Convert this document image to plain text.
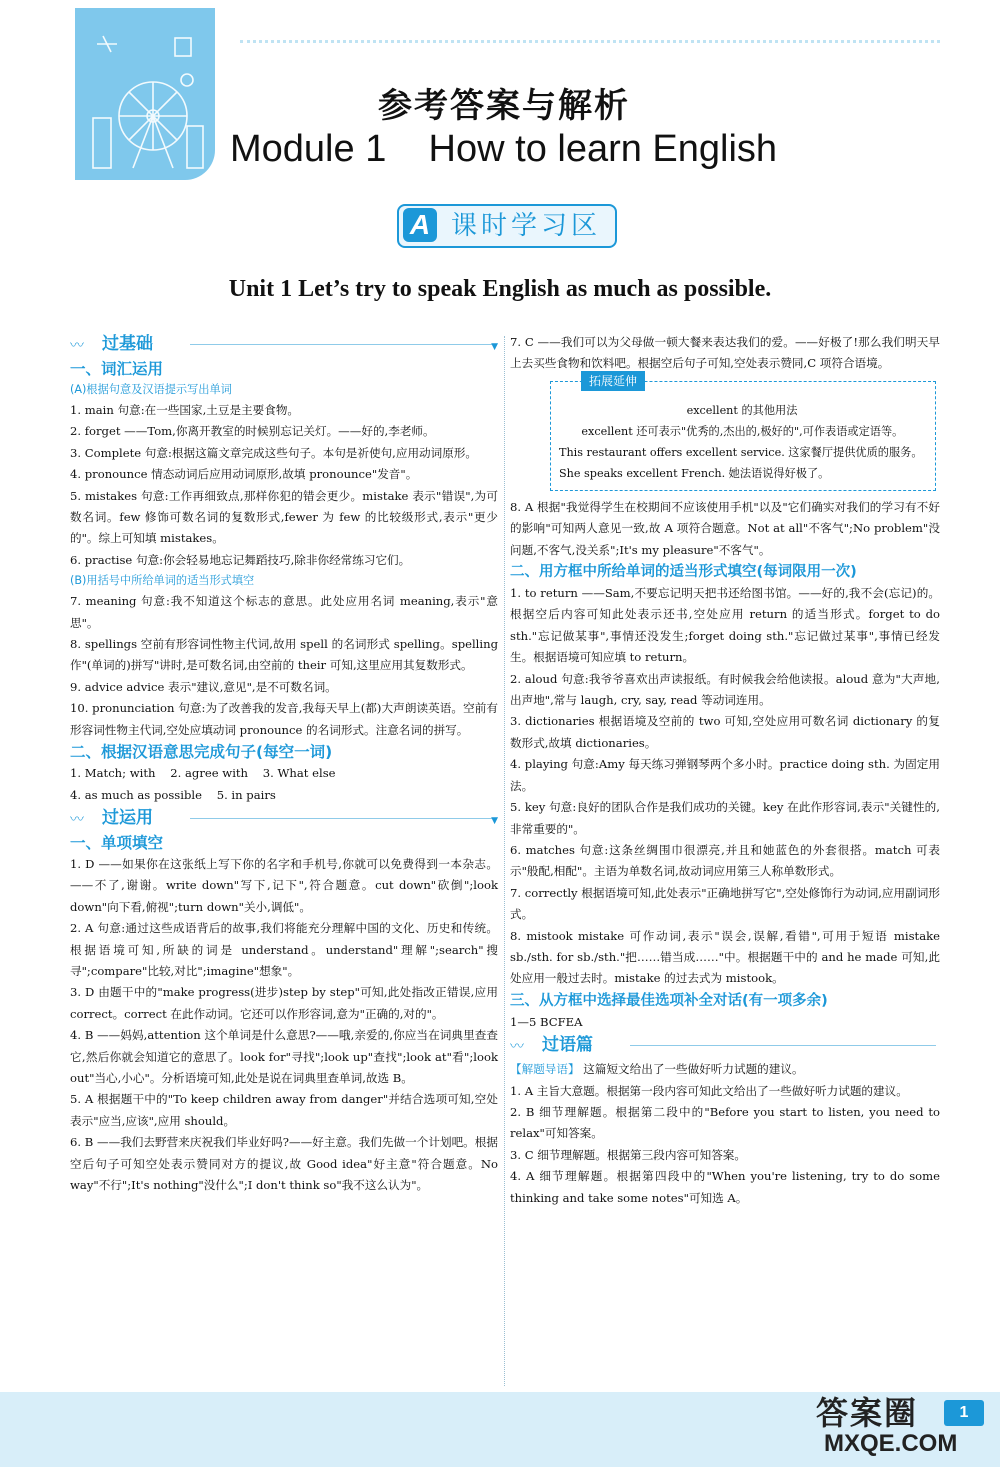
参考答案与解析
Module 1    How to learn English
A 课时学习区
Unit 1 Let’s try to speak English as much as possible.
〰 过基础	▼
一、词汇运用
(A)根据句意及汉语提示写出单词
1. main 句意:在一些国家,土豆是主要食物。
2. forget ——Tom,你离开教室的时候别忘记关灯。——好的,李老师。
3. Complete 句意:根据这篇文章完成这些句子。本句是祈使句,应用动词原形。
4. pronounce 情态动词后应用动词原形,故填 pronounce"发音"。
5. mistakes 句意:工作再细致点,那样你犯的错会更少。mistake 表示"错误",为可数名词。few 修饰可数名词的复数形式,fewer 为 few 的比较级形式,表示"更少的"。综上可知填 mistakes。
6. practise 句意:你会轻易地忘记舞蹈技巧,除非你经常练习它们。
(B)用括号中所给单词的适当形式填空
7. meaning 句意:我不知道这个标志的意思。此处应用名词 meaning,表示"意思"。
8. spellings 空前有形容词性物主代词,故用 spell 的名词形式 spelling。spelling 作"(单词的)拼写"讲时,是可数名词,由空前的 their 可知,这里应用其复数形式。
9. advice advice 表示"建议,意见",是不可数名词。
10. pronunciation 句意:为了改善我的发音,我每天早上(都)大声朗读英语。空前有形容词性物主代词,空处应填动词 pronounce 的名词形式。注意名词的拼写。
二、根据汉语意思完成句子(每空一词)
1. Match; with    2. agree with    3. What else
4. as much as possible    5. in pairs
〰 过运用	▼
一、单项填空
1. D ——如果你在这张纸上写下你的名字和手机号,你就可以免费得到一本杂志。——不了,谢谢。write down"写下,记下",符合题意。cut down"砍倒";look down"向下看,俯视";turn down"关小,调低"。
2. A 句意:通过这些成语背后的故事,我们将能充分理解中国的文化、历史和传统。根据语境可知,所缺的词是 understand。understand"理解";search"搜寻";compare"比较,对比";imagine"想象"。
3. D 由题干中的"make progress(进步)step by step"可知,此处指改正错误,应用 correct。correct 在此作动词。它还可以作形容词,意为"正确的,对的"。
4. B ——妈妈,attention 这个单词是什么意思?——哦,亲爱的,你应当在词典里查查它,然后你就会知道它的意思了。look for"寻找";look up"查找";look at"看";look out"当心,小心"。分析语境可知,此处是说在词典里查单词,故选 B。
5. A 根据题干中的"To keep children away from danger"并结合选项可知,空处表示"应当,应该",应用 should。
6. B ——我们去野营来庆祝我们毕业好吗?——好主意。我们先做一个计划吧。根据空后句子可知空处表示赞同对方的提议,故 Good idea"好主意"符合题意。No way"不行";It's nothing"没什么";I don't think so"我不这么认为"。
7. C ——我们可以为父母做一顿大餐来表达我们的爱。——好极了!那么我们明天早上去买些食物和饮料吧。根据空后句子可知,空处表示赞同,C 项符合语境。
拓展延伸
excellent 的其他用法
excellent 还可表示"优秀的,杰出的,极好的",可作表语或定语等。
This restaurant offers excellent service. 这家餐厅提供优质的服务。
She speaks excellent French. 她法语说得好极了。
8. A 根据"我觉得学生在校期间不应该使用手机"以及"它们确实对我们的学习有不好的影响"可知两人意见一致,故 A 项符合题意。Not at all"不客气";No problem"没问题,不客气,没关系";It's my pleasure"不客气"。
二、用方框中所给单词的适当形式填空(每词限用一次)
1. to return ——Sam,不要忘记明天把书还给图书馆。——好的,我不会(忘记)的。根据空后内容可知此处表示还书,空处应用 return 的适当形式。forget to do sth."忘记做某事",事情还没发生;forget doing sth."忘记做过某事",事情已经发生。根据语境可知应填 to return。
2. aloud 句意:我爷爷喜欢出声读报纸。有时候我会给他读报。aloud 意为"大声地,出声地",常与 laugh, cry, say, read 等动词连用。
3. dictionaries 根据语境及空前的 two 可知,空处应用可数名词 dictionary 的复数形式,故填 dictionaries。
4. playing 句意:Amy 每天练习弹钢琴两个多小时。practice doing sth. 为固定用法。
5. key 句意:良好的团队合作是我们成功的关键。key 在此作形容词,表示"关键性的,非常重要的"。
6. matches 句意:这条丝绸围巾很漂亮,并且和她蓝色的外套很搭。match 可表示"般配,相配"。主语为单数名词,故动词应用第三人称单数形式。
7. correctly 根据语境可知,此处表示"正确地拼写它",空处修饰行为动词,应用副词形式。
8. mistook mistake 可作动词,表示"误会,误解,看错",可用于短语 mistake sb./sth. for sb./sth."把……错当成……"中。根据题干中的 and he made 可知,此处应用一般过去时。mistake 的过去式为 mistook。
三、从方框中选择最佳选项补全对话(有一项多余)
1—5 BCFEA
〰 过语篇
【解题导语】 这篇短文给出了一些做好听力试题的建议。
1. A 主旨大意题。根据第一段内容可知此文给出了一些做好听力试题的建议。
2. B 细节理解题。根据第二段中的"Before you start to listen, you need to relax"可知答案。
3. C 细节理解题。根据第三段内容可知答案。
4. A 细节理解题。根据第四段中的"When you're listening, try to do some thinking and take some notes"可知选 A。
1
答案圈
MXQE.COM
